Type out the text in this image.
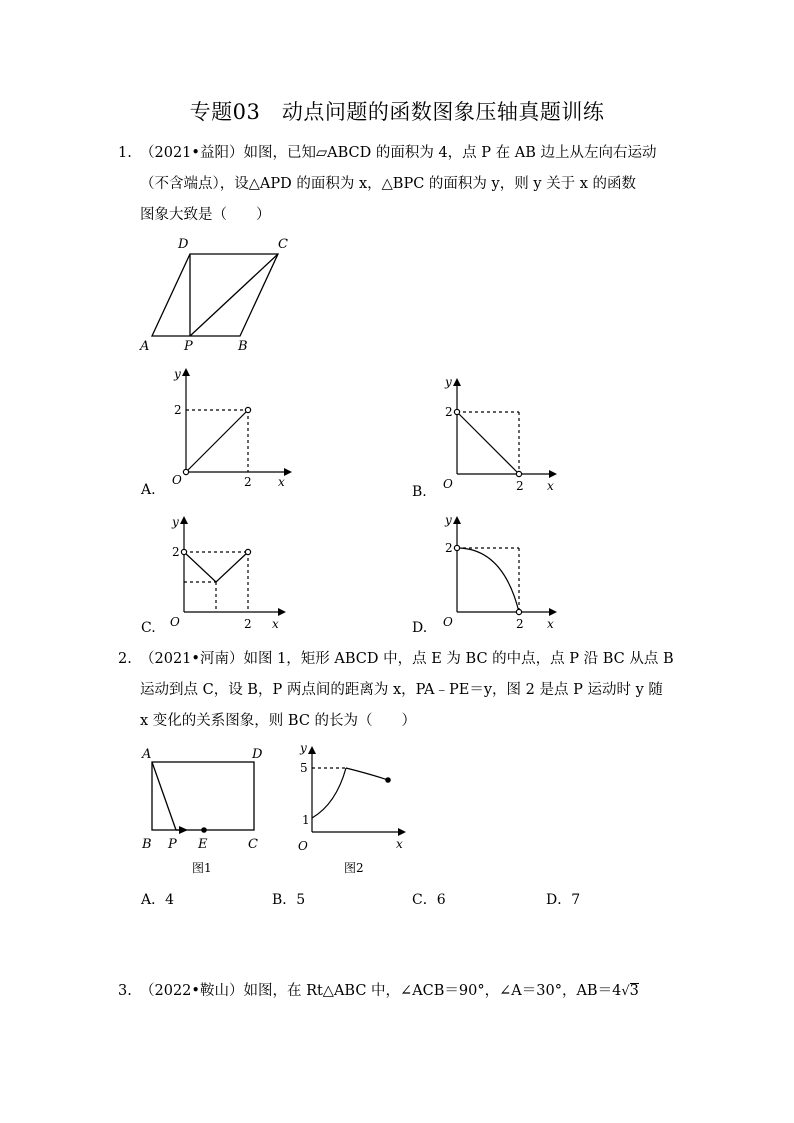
专题03　动点问题的函数图象压轴真题训练
1. （2021•益阳）如图，已知▱ABCD 的面积为 4，点 P 在 AB 边上从左向右运动
（不含端点），设△APD 的面积为 x，△BPC 的面积为 y，则 y 关于 x 的函数
图象大致是（　　）
A	P	B
C
D
A.
y
x
O
2
2
B.
y
x
O
2
2
C.
y
x
O
2
2	D.
y
x
O
2
2
2. （2021•河南）如图 1，矩形 ABCD 中，点 E 为 BC 的中点，点 P 沿 BC 从点 B
运动到点 C，设 B，P 两点间的距离为 x，PA﹣PE＝y，图 2 是点 P 运动时 y 随
x 变化的关系图象，则 BC 的长为（　　）
A	D
B P E	C
图1
y
x
O
5
1
图2
A．4	B．5	C．6	D．7
3. （2022•鞍山）如图，在 Rt△ABC 中，∠ACB＝90°，∠A＝30°，AB＝4√3
